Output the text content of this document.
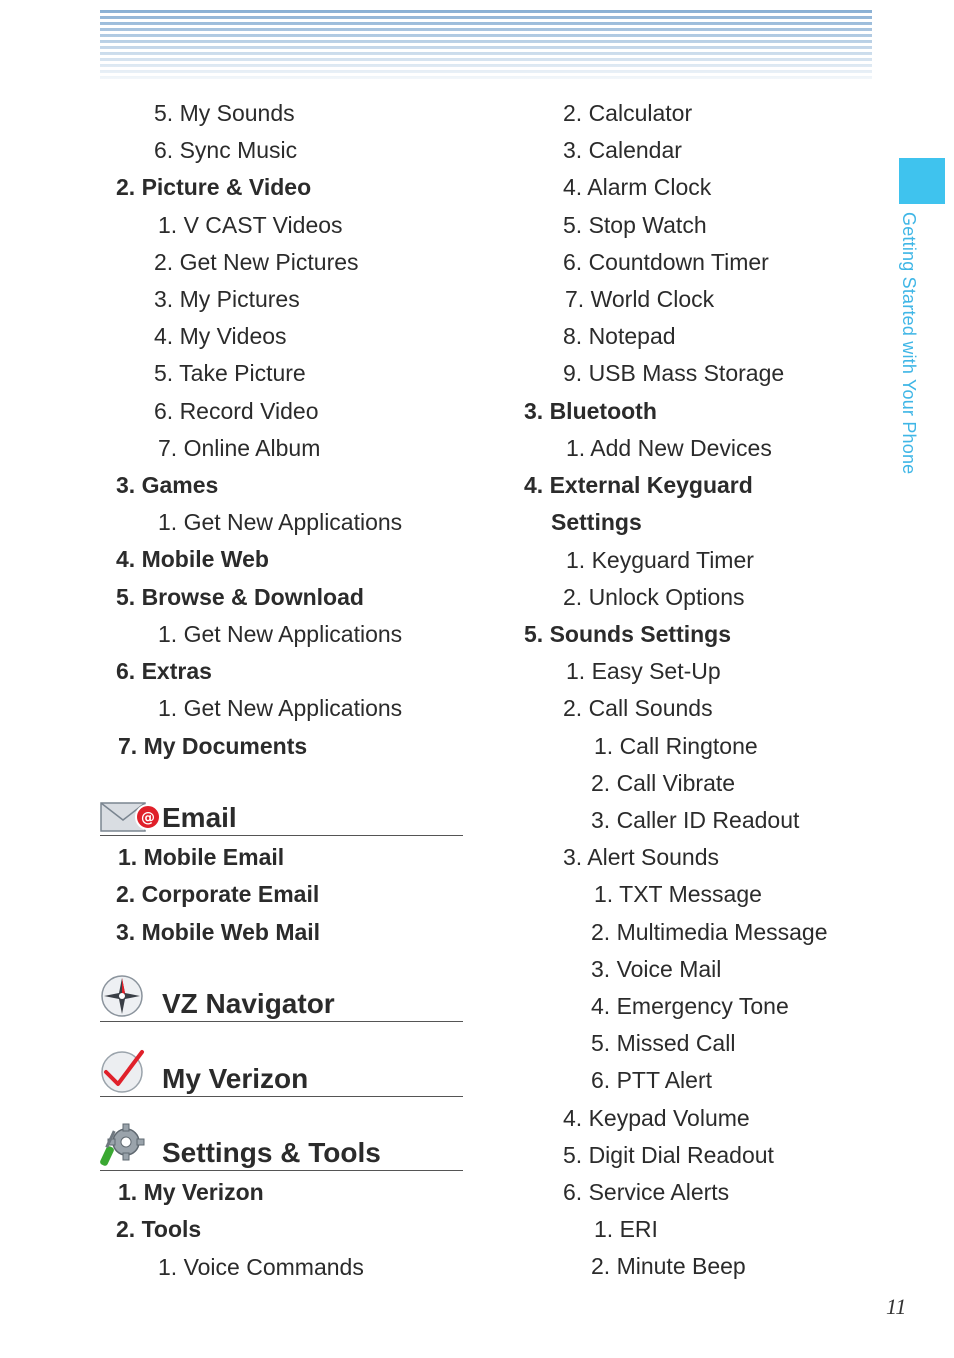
Getting Started with Your Phone
5. My Sounds
6. Sync Music
2. Picture & Video
1. V CAST Videos
2. Get New Pictures
3. My Pictures
4. My Videos
5. Take Picture
6. Record Video
7. Online Album
3. Games
1. Get New Applications
4. Mobile Web
5. Browse & Download
1. Get New Applications
6. Extras
1. Get New Applications
7. My Documents
@ Email
1. Mobile Email
2. Corporate Email
3. Mobile Web Mail
VZ Navigator
My Verizon
Settings & Tools
1. My Verizon
2. Tools
1. Voice Commands
2. Calculator
3. Calendar
4. Alarm Clock
5. Stop Watch
6. Countdown Timer
7. World Clock
8. Notepad
9. USB Mass Storage
3. Bluetooth
1. Add New Devices
4. External Keyguard
Settings
1. Keyguard Timer
2. Unlock Options
5. Sounds Settings
1. Easy Set-Up
2. Call Sounds
1. Call Ringtone
2. Call Vibrate
3. Caller ID Readout
3. Alert Sounds
1. TXT Message
2. Multimedia Message
3. Voice Mail
4. Emergency Tone
5. Missed Call
6. PTT Alert
4. Keypad Volume
5. Digit Dial Readout
6. Service Alerts
1. ERI
2. Minute Beep
11
